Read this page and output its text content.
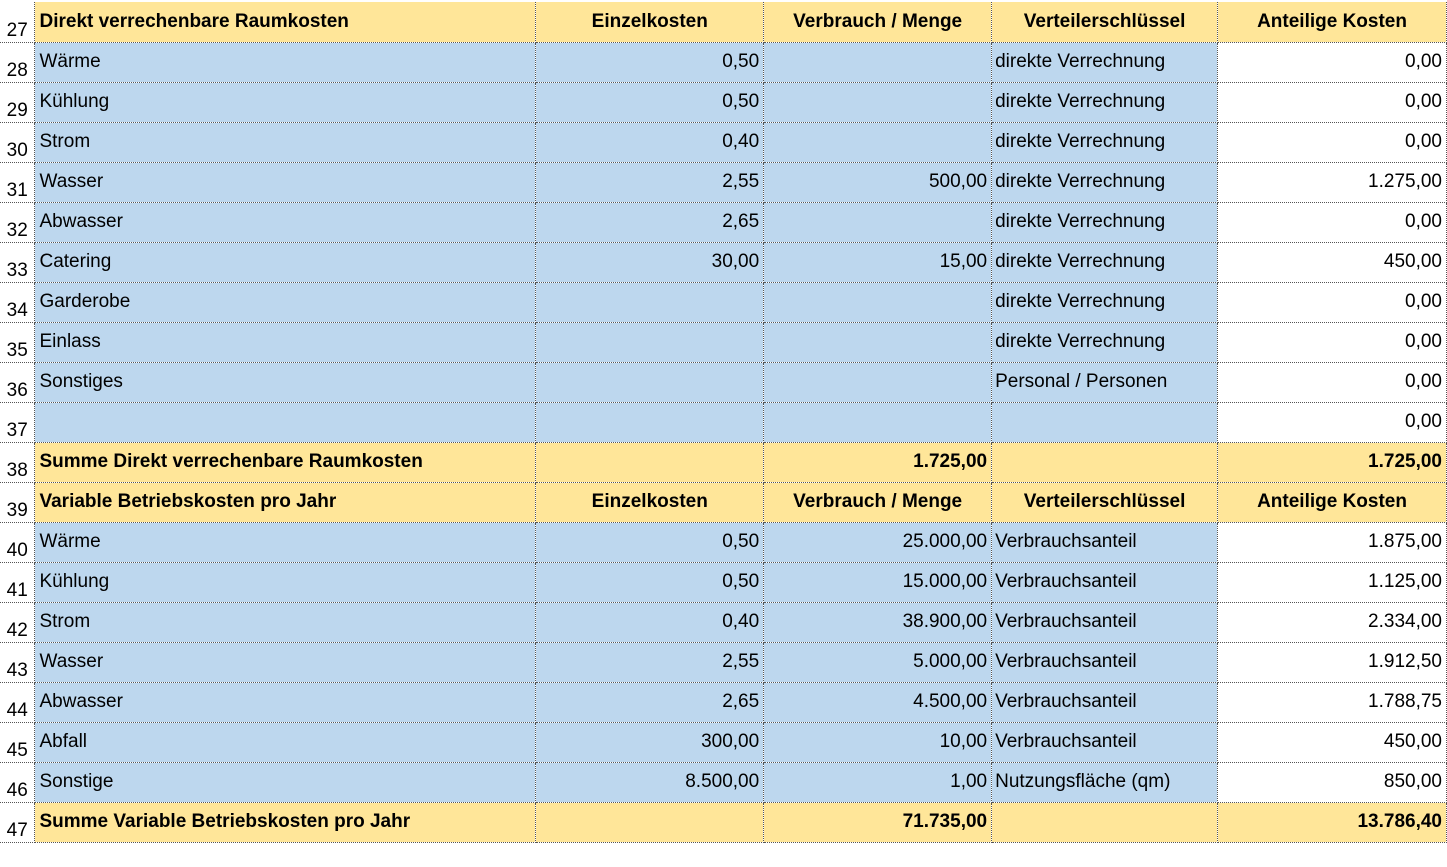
27	Direkt verrechenbare Raumkosten	Einzelkosten	Verbrauch / Menge	Verteilerschlüssel	Anteilige Kosten
28	Wärme	0,50		direkte Verrechnung	0,00
29	Kühlung	0,50		direkte Verrechnung	0,00
30	Strom	0,40		direkte Verrechnung	0,00
31	Wasser	2,55	500,00	direkte Verrechnung	1.275,00
32	Abwasser	2,65		direkte Verrechnung	0,00
33	Catering	30,00	15,00	direkte Verrechnung	450,00
34	Garderobe			direkte Verrechnung	0,00
35	Einlass			direkte Verrechnung	0,00
36	Sonstiges			Personal / Personen	0,00
37					0,00
38	Summe Direkt verrechenbare Raumkosten		1.725,00		1.725,00
39	Variable Betriebskosten pro Jahr	Einzelkosten	Verbrauch / Menge	Verteilerschlüssel	Anteilige Kosten
40	Wärme	0,50	25.000,00	Verbrauchsanteil	1.875,00
41	Kühlung	0,50	15.000,00	Verbrauchsanteil	1.125,00
42	Strom	0,40	38.900,00	Verbrauchsanteil	2.334,00
43	Wasser	2,55	5.000,00	Verbrauchsanteil	1.912,50
44	Abwasser	2,65	4.500,00	Verbrauchsanteil	1.788,75
45	Abfall	300,00	10,00	Verbrauchsanteil	450,00
46	Sonstige	8.500,00	1,00	Nutzungsfläche (qm)	850,00
47	Summe Variable Betriebskosten pro Jahr		71.735,00		13.786,40
